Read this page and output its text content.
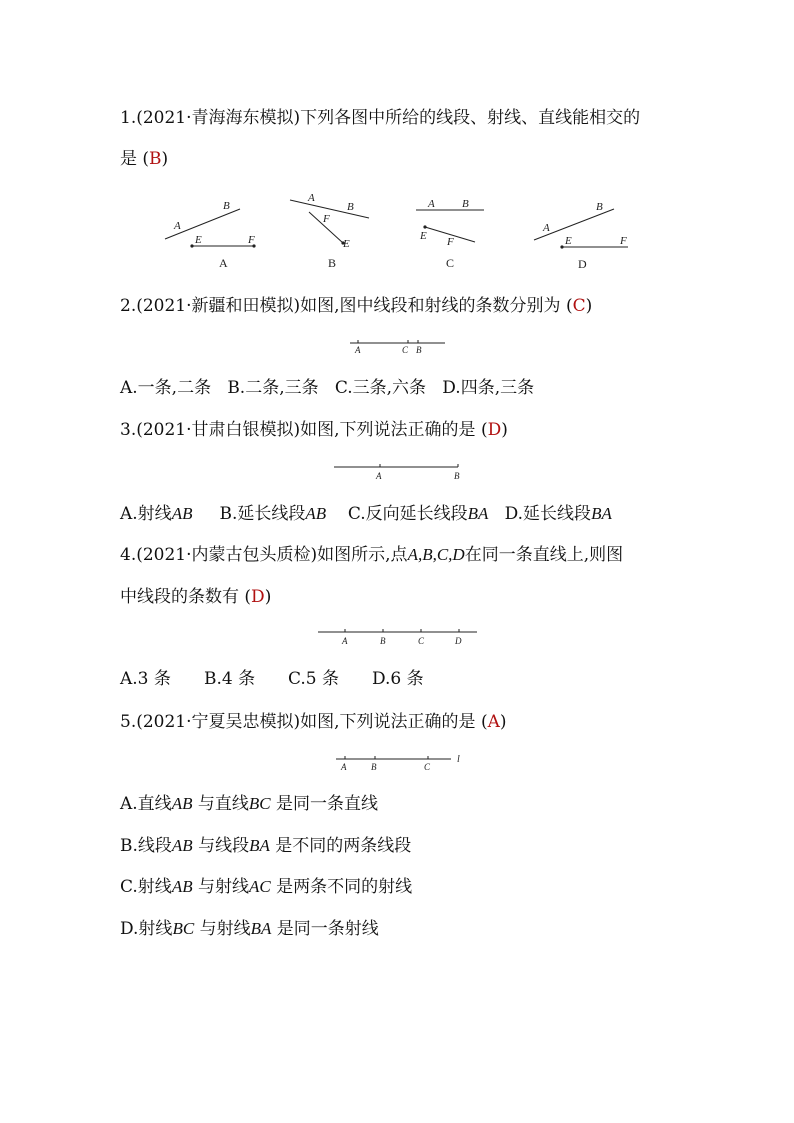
1.(2021·青海海东模拟)下列各图中所给的线段、射线、直线能相交的
是 (B)
A
B
E	F
A
A
B
F
E
B
A B
E F
C
A
B
E	F
D
2.(2021·新疆和田模拟)如图,图中线段和射线的条数分别为 (C)
A	C B
A.一条,二条 B.二条,三条 C.三条,六条 D.四条,三条
3.(2021·甘肃白银模拟)如图,下列说法正确的是 (D)
A	B
A.射线AB B.延长线段AB C.反向延长线段BA D.延长线段BA
4.(2021·内蒙古包头质检)如图所示,点A,B,C,D在同一条直线上,则图
中线段的条数有 (D)
A	B	C	D
A.3 条 B.4 条 C.5 条 D.6 条
5.(2021·宁夏吴忠模拟)如图,下列说法正确的是 (A)
A	B	C
l
A.直线AB 与直线BC 是同一条直线
B.线段AB 与线段BA 是不同的两条线段
C.射线AB 与射线AC 是两条不同的射线
D.射线BC 与射线BA 是同一条射线
